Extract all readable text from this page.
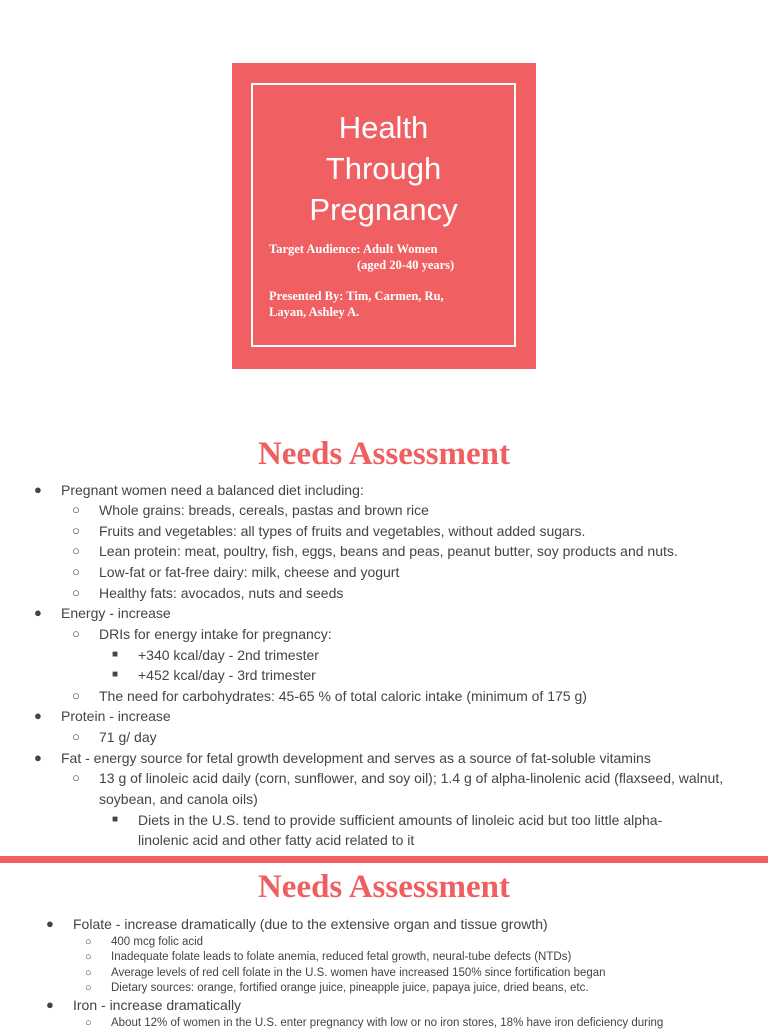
Health
Through
Pregnancy
Target Audience: Adult Women
(aged 20-40 years)
Presented By: Tim, Carmen, Ru,
Layan, Ashley A.
Needs Assessment
● Pregnant women need a balanced diet including:
○ Whole grains: breads, cereals, pastas and brown rice
○ Fruits and vegetables: all types of fruits and vegetables, without added sugars.
○ Lean protein: meat, poultry, fish, eggs, beans and peas, peanut butter, soy products and nuts.
○ Low-fat or fat-free dairy: milk, cheese and yogurt
○ Healthy fats: avocados, nuts and seeds
● Energy - increase
○ DRIs for energy intake for pregnancy:
■ +340 kcal/day - 2nd trimester
■ +452 kcal/day - 3rd trimester
○ The need for carbohydrates: 45-65 % of total caloric intake (minimum of 175 g)
● Protein - increase
○ 71 g/ day
● Fat - energy source for fetal growth development and serves as a source of fat-soluble vitamins
○ 13 g of linoleic acid daily (corn, sunflower, and soy oil); 1.4 g of alpha-linolenic acid (flaxseed, walnut,
soybean, and canola oils)
■ Diets in the U.S. tend to provide sufficient amounts of linoleic acid but too little alpha-
linolenic acid and other fatty acid related to it
Needs Assessment
● Folate - increase dramatically (due to the extensive organ and tissue growth)
○ 400 mcg folic acid
○ Inadequate folate leads to folate anemia, reduced fetal growth, neural-tube defects (NTDs)
○ Average levels of red cell folate in the U.S. women have increased 150% since fortification began
○ Dietary sources: orange, fortified orange juice, pineapple juice, papaya juice, dried beans, etc.
● Iron - increase dramatically
○ About 12% of women in the U.S. enter pregnancy with low or no iron stores, 18% have iron deficiency during
